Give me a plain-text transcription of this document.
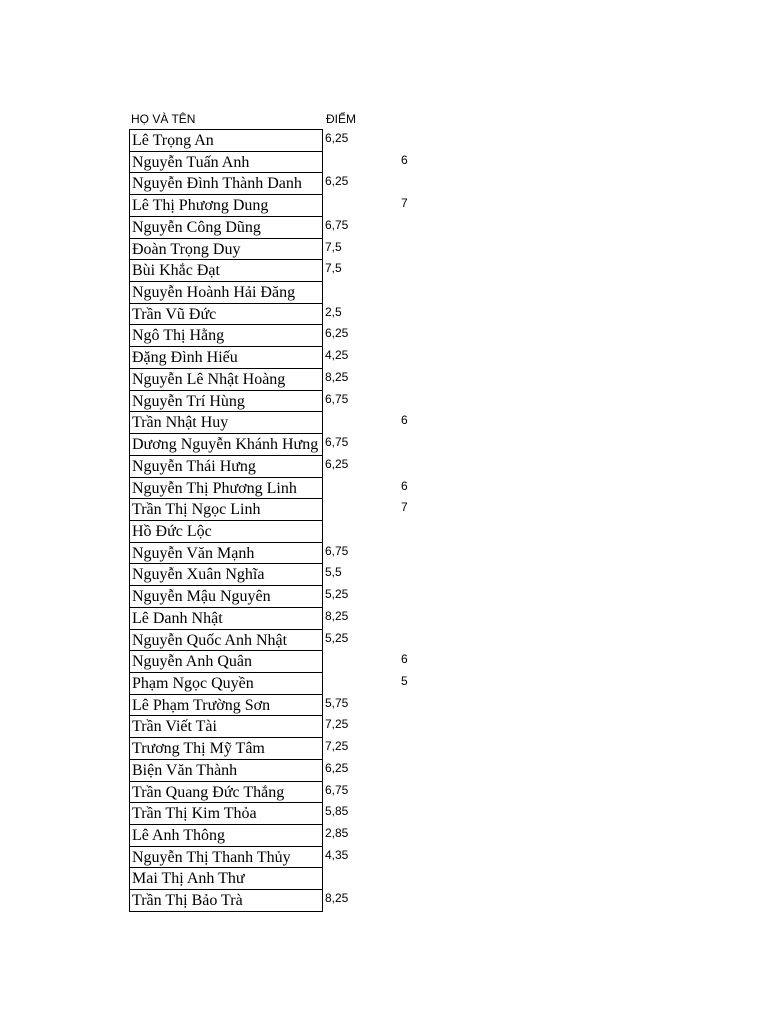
HỌ VÀ TÊN	ĐIỂM
Lê Trọng An	6,25
Nguyễn Tuấn Anh	6
Nguyễn Đình Thành Danh	6,25
Lê Thị Phương Dung	7
Nguyễn Công Dũng	6,75
Đoàn Trọng Duy	7,5
Bùi Khắc Đạt	7,5
Nguyễn Hoành Hải Đăng
Trần Vũ Đức	2,5
Ngô Thị Hằng	6,25
Đặng Đình Hiếu	4,25
Nguyễn Lê Nhật Hoàng	8,25
Nguyễn Trí Hùng	6,75
Trần Nhật Huy	6
Dương Nguyễn Khánh Hưng 6,75
Nguyễn Thái Hưng	6,25
Nguyễn Thị Phương Linh	6
Trần Thị Ngọc Linh	7
Hồ Đức Lộc
Nguyễn Văn Mạnh	6,75
Nguyễn Xuân Nghĩa	5,5
Nguyễn Mậu Nguyên	5,25
Lê Danh Nhật	8,25
Nguyễn Quốc Anh Nhật	5,25
Nguyễn Anh Quân	6
Phạm Ngọc Quyền	5
Lê Phạm Trường Sơn	5,75
Trần Viết Tài	7,25
Trương Thị Mỹ Tâm	7,25
Biện Văn Thành	6,25
Trần Quang Đức Thắng	6,75
Trần Thị Kim Thỏa	5,85
Lê Anh Thông	2,85
Nguyễn Thị Thanh Thủy	4,35
Mai Thị Anh Thư
Trần Thị Bảo Trà	8,25
